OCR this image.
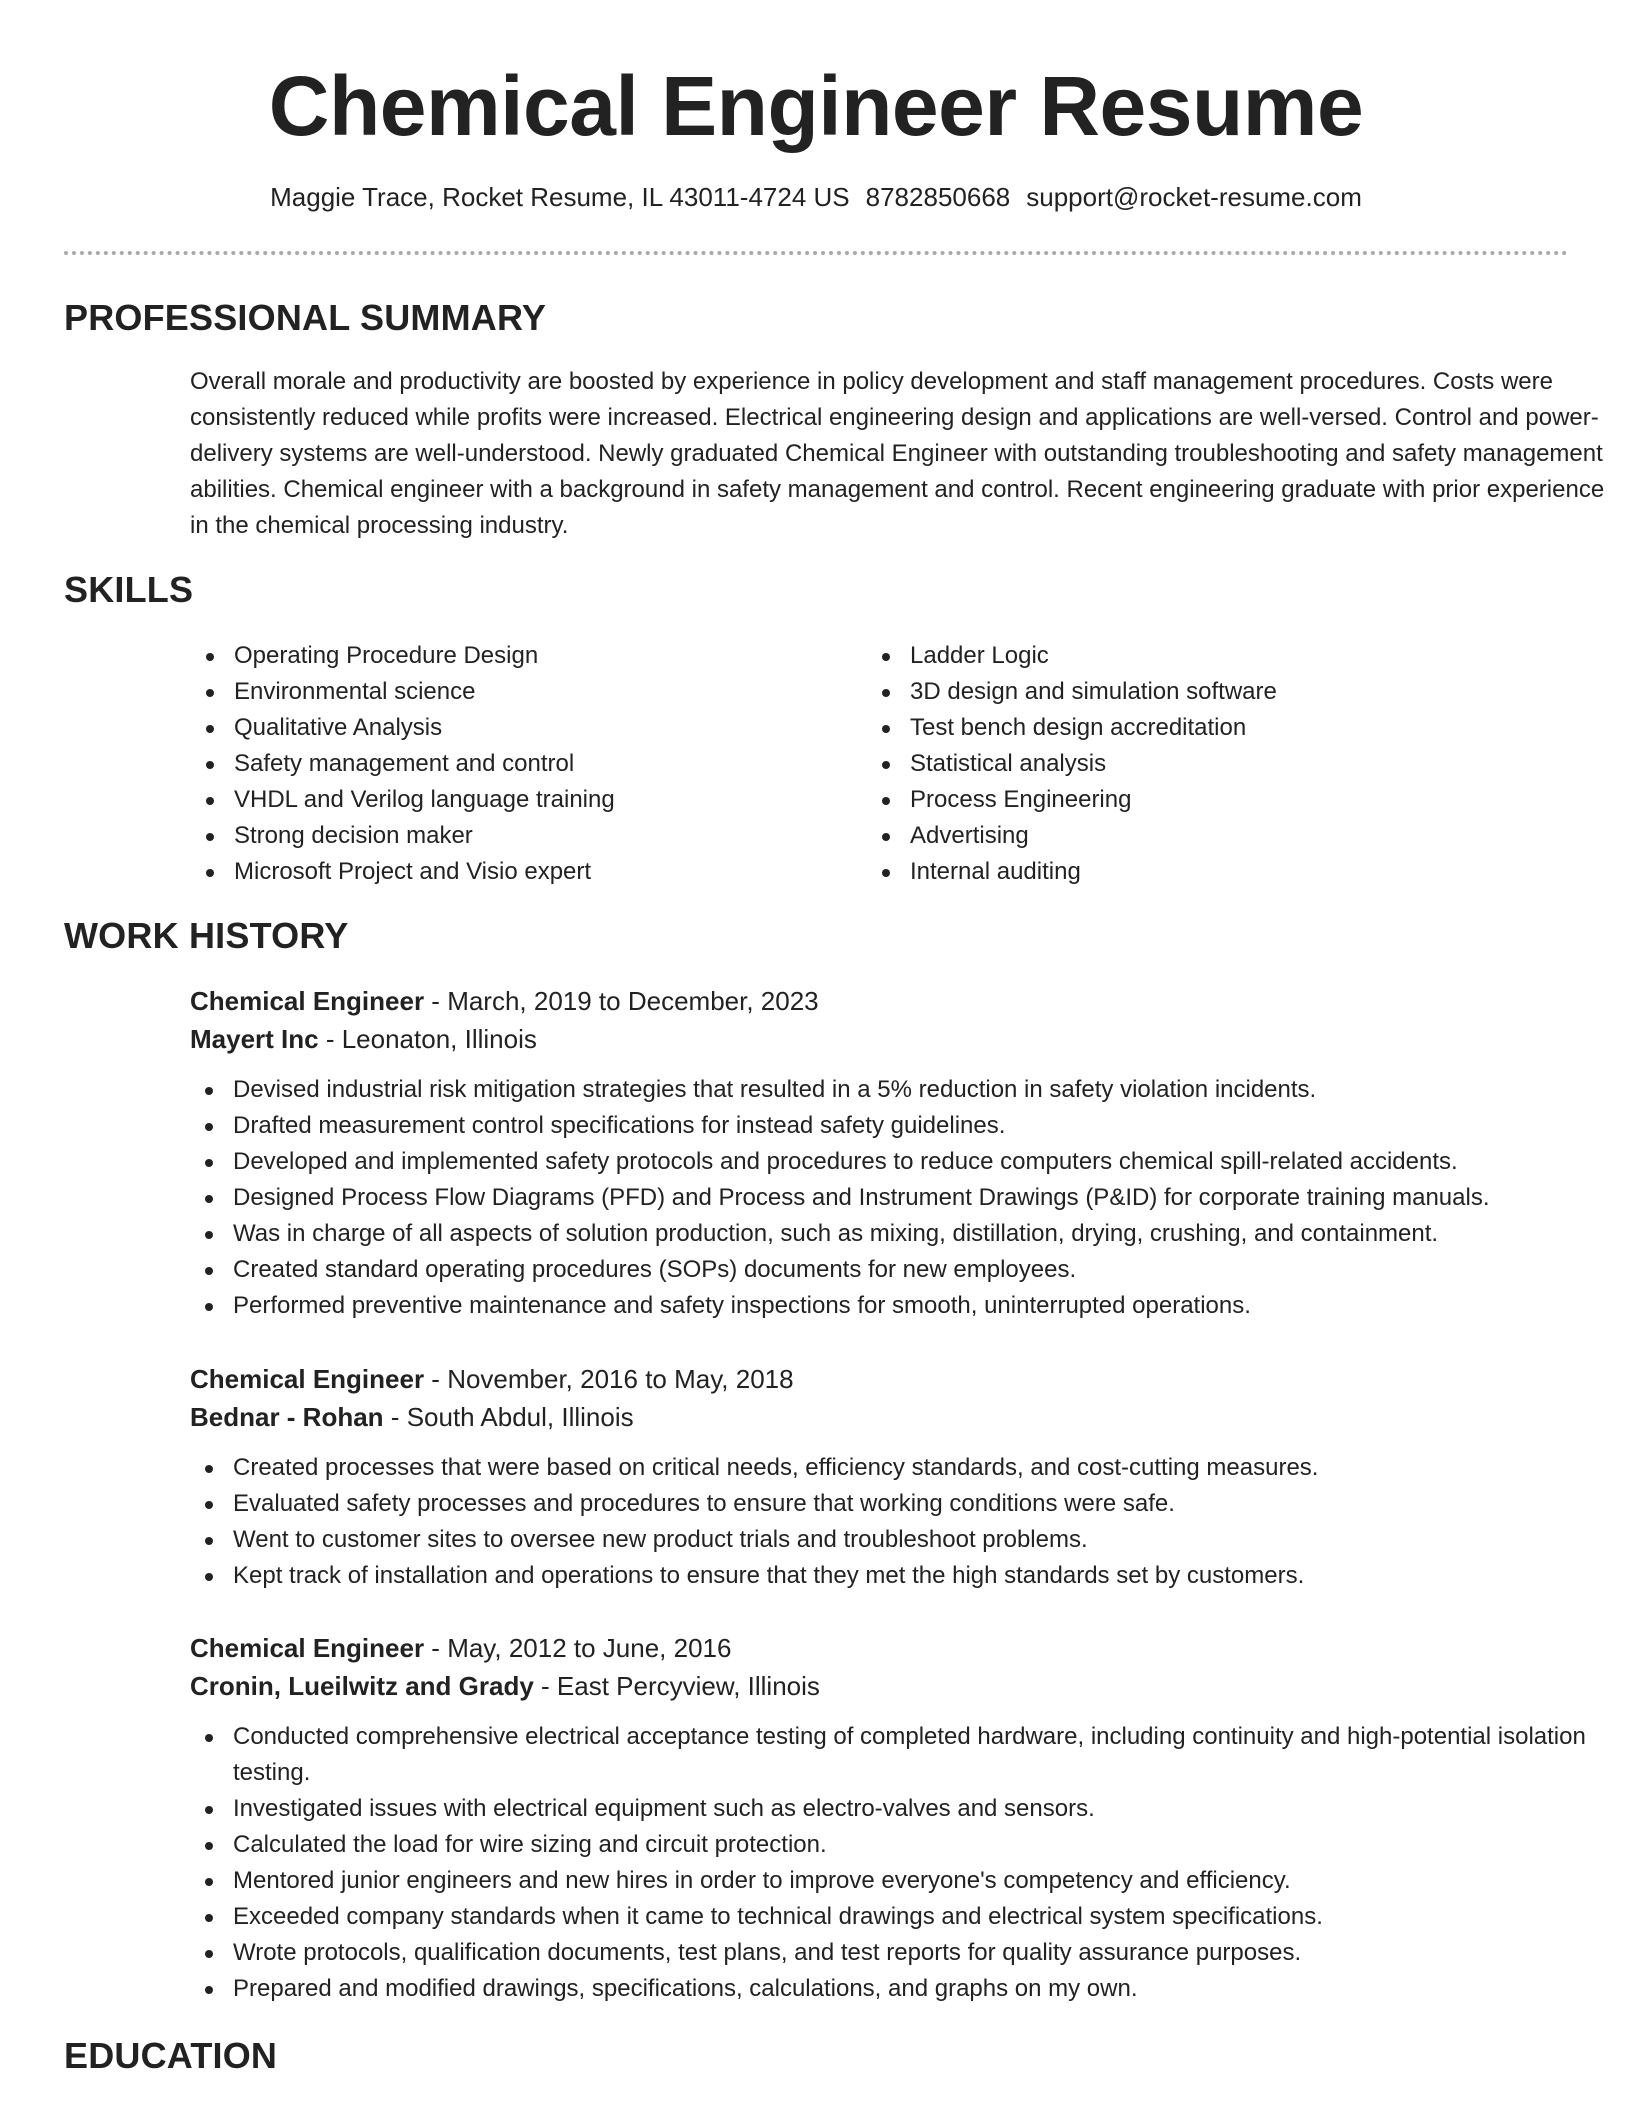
Chemical Engineer Resume
Maggie Trace, Rocket Resume, IL 43011-4724 US 8782850668 support@rocket-resume.com
PROFESSIONAL SUMMARY

Overall morale and productivity are boosted by experience in policy development and staff management procedures. Costs were consistently reduced while profits were increased. Electrical engineering design and applications are well-versed. Control and power-delivery systems are well-understood. Newly graduated Chemical Engineer with outstanding troubleshooting and safety management abilities. Chemical engineer with a background in safety management and control. Recent engineering graduate with prior experience in the chemical processing industry.

SKILLS
Operating Procedure Design
Environmental science
Qualitative Analysis
Safety management and control
VHDL and Verilog language training
Strong decision maker
Microsoft Project and Visio expert
Ladder Logic
3D design and simulation software
Test bench design accreditation
Statistical analysis
Process Engineering
Advertising
Internal auditing
WORK HISTORY
Chemical Engineer - March, 2019 to December, 2023
Mayert Inc - Leonaton, Illinois
Devised industrial risk mitigation strategies that resulted in a 5% reduction in safety violation incidents.
Drafted measurement control specifications for instead safety guidelines.
Developed and implemented safety protocols and procedures to reduce computers chemical spill-related accidents.
Designed Process Flow Diagrams (PFD) and Process and Instrument Drawings (P&ID) for corporate training manuals.
Was in charge of all aspects of solution production, such as mixing, distillation, drying, crushing, and containment.
Created standard operating procedures (SOPs) documents for new employees.
Performed preventive maintenance and safety inspections for smooth, uninterrupted operations.
Chemical Engineer - November, 2016 to May, 2018
Bednar - Rohan - South Abdul, Illinois
Created processes that were based on critical needs, efficiency standards, and cost-cutting measures.
Evaluated safety processes and procedures to ensure that working conditions were safe.
Went to customer sites to oversee new product trials and troubleshoot problems.
Kept track of installation and operations to ensure that they met the high standards set by customers.
Chemical Engineer - May, 2012 to June, 2016
Cronin, Lueilwitz and Grady - East Percyview, Illinois
Conducted comprehensive electrical acceptance testing of completed hardware, including continuity and high-potential isolation testing.
Investigated issues with electrical equipment such as electro-valves and sensors.
Calculated the load for wire sizing and circuit protection.
Mentored junior engineers and new hires in order to improve everyone's competency and efficiency.
Exceeded company standards when it came to technical drawings and electrical system specifications.
Wrote protocols, qualification documents, test plans, and test reports for quality assurance purposes.
Prepared and modified drawings, specifications, calculations, and graphs on my own.
EDUCATION
